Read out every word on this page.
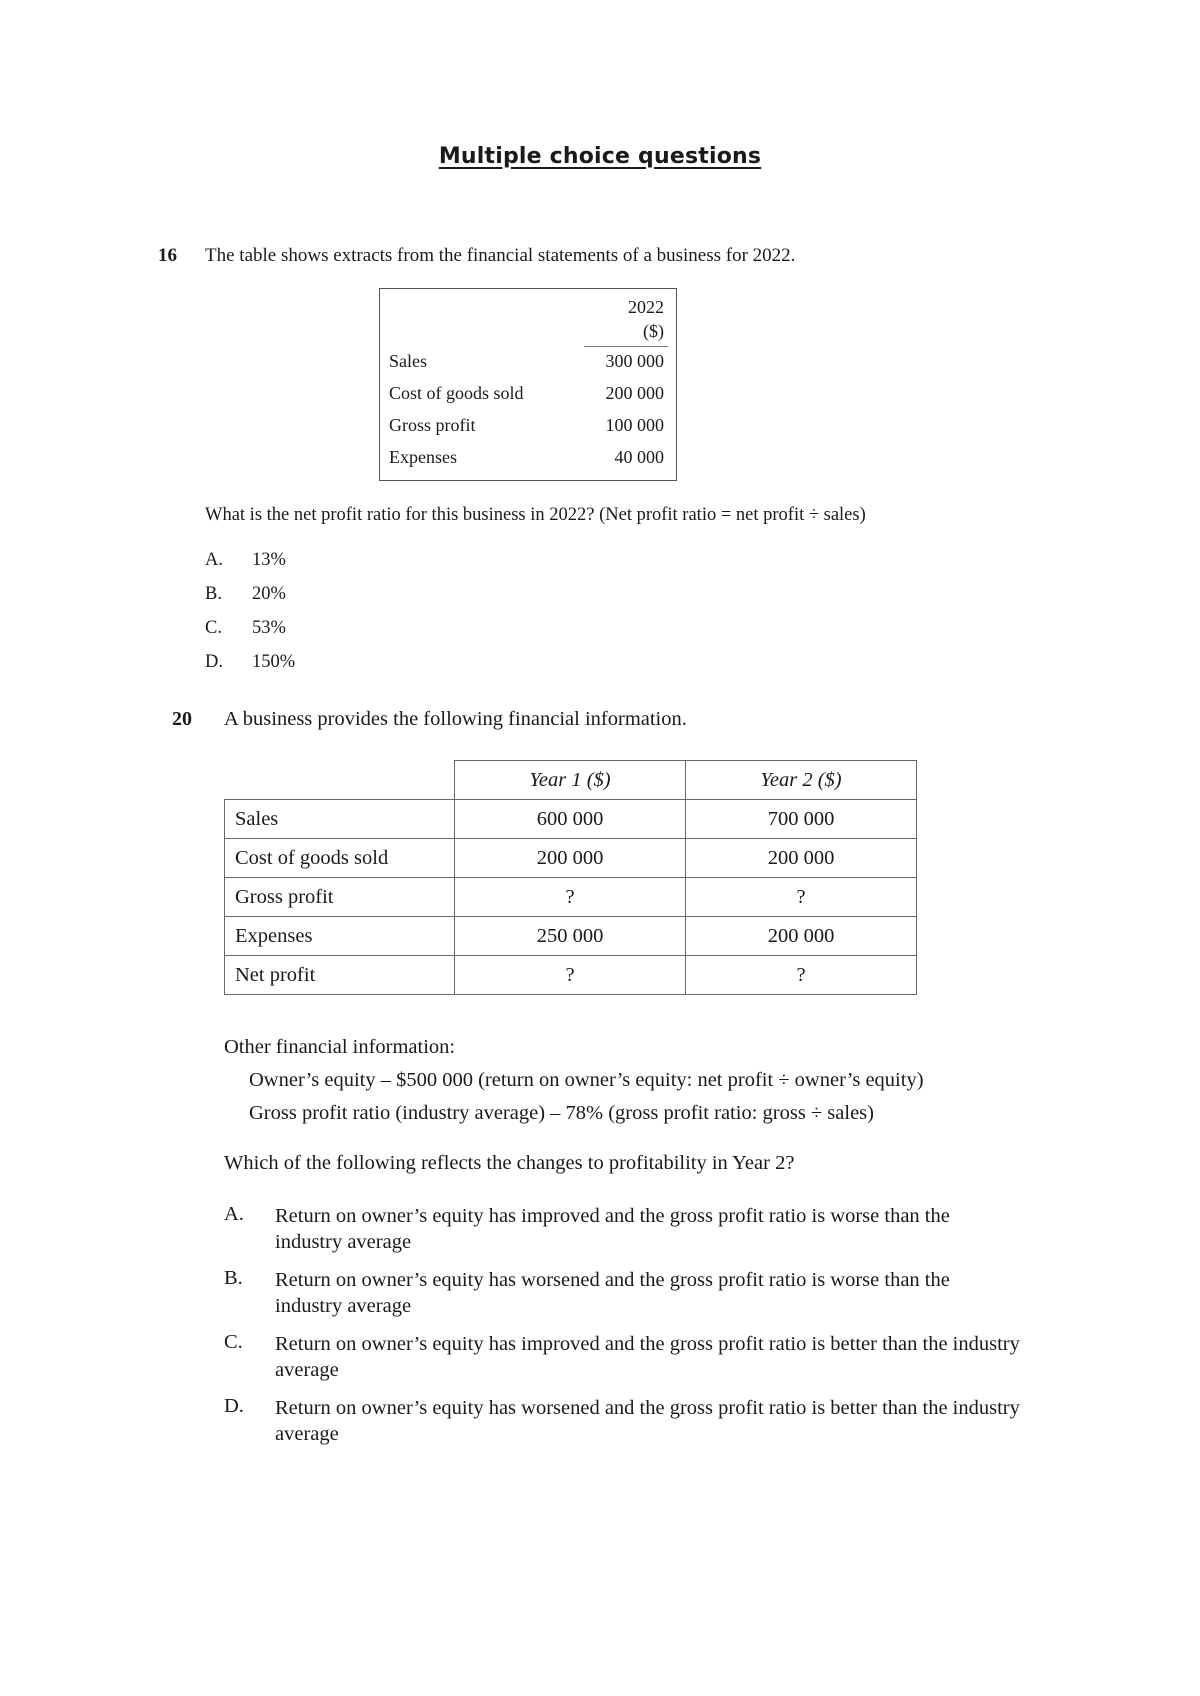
Multiple choice questions
16 The table shows extracts from the financial statements of a business for 2022.
2022
($)
Sales	300 000
Cost of goods sold	200 000
Gross profit	100 000
Expenses	40 000
What is the net profit ratio for this business in 2022? (Net profit ratio = net profit ÷ sales)
A. 13%
B. 20%
C. 53%
D. 150%
20 A business provides the following financial information.
	Year 1 ($)	Year 2 ($)
Sales	600 000	700 000
Cost of goods sold	200 000	200 000
Gross profit	?	?
Expenses	250 000	200 000
Net profit	?	?
Other financial information:
Owner’s equity – $500 000 (return on owner’s equity: net profit ÷ owner’s equity)
Gross profit ratio (industry average) – 78% (gross profit ratio: gross ÷ sales)
Which of the following reflects the changes to profitability in Year 2?
A. Return on owner’s equity has improved and the gross profit ratio is worse than the industry average
B. Return on owner’s equity has worsened and the gross profit ratio is worse than the industry average
C. Return on owner’s equity has improved and the gross profit ratio is better than the industry average
D. Return on owner’s equity has worsened and the gross profit ratio is better than the industry average
